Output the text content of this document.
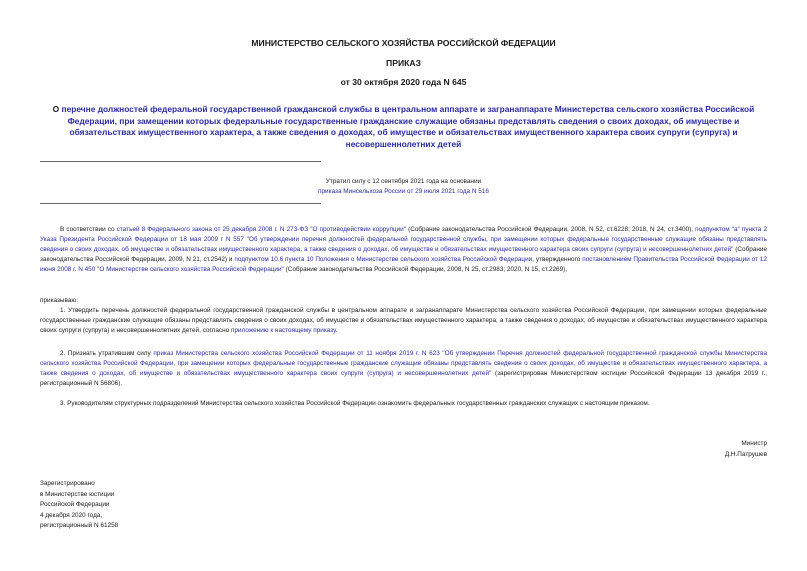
МИНИСТЕРСТВО СЕЛЬСКОГО ХОЗЯЙСТВА РОССИЙСКОЙ ФЕДЕРАЦИИ
ПРИКАЗ
от 30 октября 2020 года N 645
О перечне должностей федеральной государственной гражданской службы в центральном аппарате и загранаппарате Министерства сельского хозяйства Российской Федерации, при замещении которых федеральные государственные гражданские служащие обязаны представлять сведения о своих доходах, об имуществе и обязательствах имущественного характера, а также сведения о доходах, об имуществе и обязательствах имущественного характера своих супруги (супруга) и несовершеннолетних детей
Утратил силу с 12 сентября 2021 года на основании
приказа Минсельхоза России от 29 июля 2021 года N 516
В соответствии со статьей 8 Федерального закона от 25 декабря 2008 г. N 273-ФЗ "О противодействии коррупции" (Собрание законодательства Российской Федерации, 2008, N 52, ст.6228; 2018, N 24, ст.3400), подпунктом "а" пункта 2 Указа Президента Российской Федерации от 18 мая 2009 г N 557 "Об утверждении перечня должностей федеральной государственной службы, при замещении которых федеральные государственные служащие обязаны представлять сведения о своих доходах, об имуществе и обязательствах имущественного характера, а также сведения о доходах, об имуществе и обязательствах имущественного характера своих супруги (супруга) и несовершеннолетних детей" (Собрание законодательства Российской Федерации, 2009, N 21, ст.2542) и подпунктом 10.6 пункта 10 Положения о Министерстве сельского хозяйства Российской Федерации, утвержденного постановлением Правительства Российской Федерации от 12 июня 2008 г. N 450 "О Министерстве сельского хозяйства Российской Федерации" (Собрание законодательства Российской Федерации, 2008, N 25, ст.2983; 2020, N 15, ст.2269),
приказываю:
1. Утвердить перечень должностей федеральной государственной гражданской службы в центральном аппарате и загранаппарате Министерства сельского хозяйства Российской Федерации, при замещении которых федеральные государственные гражданские служащие обязаны представлять сведения о своих доходах, об имуществе и обязательствах имущественного характера, а также сведения о доходах, об имуществе и обязательствах имущественного характера своих супруги (супруга) и несовершеннолетних детей, согласно приложению к настоящему приказу.
2. Признать утратившим силу приказ Министерства сельского хозяйства Российской Федерации от 11 ноября 2019 г. N 623 "Об утверждении Перечня должностей федеральной государственной гражданской службы Министерства сельского хозяйства Российской Федерации, при замещении которых федеральные государственные гражданские служащие обязаны представлять сведения о своих доходах, об имуществе и обязательствах имущественного характера, а также сведения о доходах, об имуществе и обязательствах имущественного характера своих супруги (супруга) и несовершеннолетних детей" (зарегистрирован Министерством юстиции Российской Федерации 13 декабря 2019 г., регистрационный N 56806).
3. Руководителям структурных подразделений Министерства сельского хозяйства Российской Федерации ознакомить федеральных государственных гражданских служащих с настоящим приказом.
Министр
Д.Н.Патрушев
Зарегистрировано
в Министерстве юстиции
Российской Федерации
4 декабря 2020 года,
регистрационный N 61258
